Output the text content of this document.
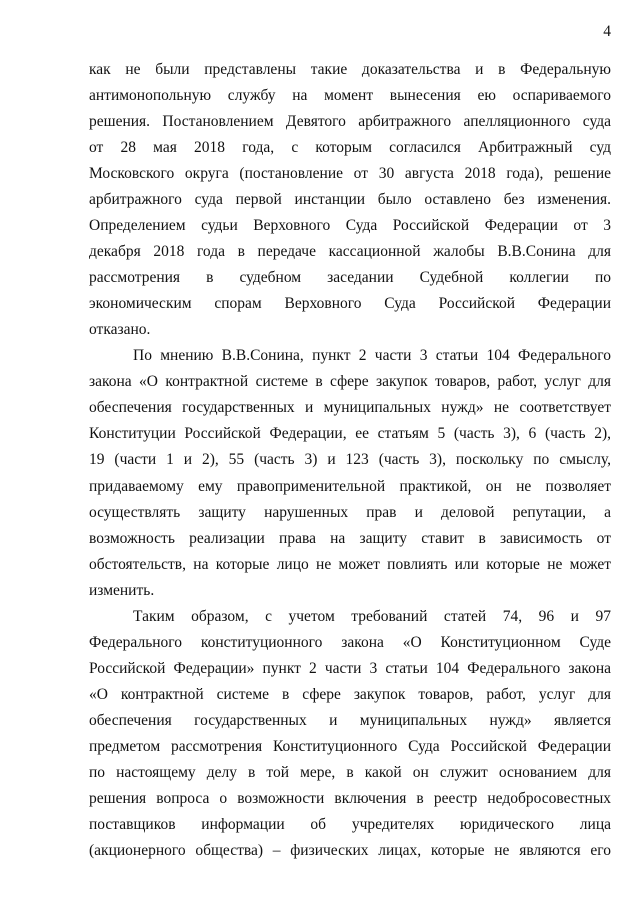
4
как не были представлены такие доказательства и в Федеральную
антимонопольную службу на момент вынесения ею оспариваемого
решения. Постановлением Девятого арбитражного апелляционного суда
от 28 мая 2018 года, с которым согласился Арбитражный суд
Московского округа (постановление от 30 августа 2018 года), решение
арбитражного суда первой инстанции было оставлено без изменения.
Определением судьи Верховного Суда Российской Федерации от 3
декабря 2018 года в передаче кассационной жалобы В.В.Сонина для
рассмотрения в судебном заседании Судебной коллегии по
экономическим спорам Верховного Суда Российской Федерации
отказано.
По мнению В.В.Сонина, пункт 2 части 3 статьи 104 Федерального
закона «О контрактной системе в сфере закупок товаров, работ, услуг для
обеспечения государственных и муниципальных нужд» не соответствует
Конституции Российской Федерации, ее статьям 5 (часть 3), 6 (часть 2),
19 (части 1 и 2), 55 (часть 3) и 123 (часть 3), поскольку по смыслу,
придаваемому ему правоприменительной практикой, он не позволяет
осуществлять защиту нарушенных прав и деловой репутации, а
возможность реализации права на защиту ставит в зависимость от
обстоятельств, на которые лицо не может повлиять или которые не может
изменить.
Таким образом, с учетом требований статей 74, 96 и 97
Федерального конституционного закона «О Конституционном Суде
Российской Федерации» пункт 2 части 3 статьи 104 Федерального закона
«О контрактной системе в сфере закупок товаров, работ, услуг для
обеспечения государственных и муниципальных нужд» является
предметом рассмотрения Конституционного Суда Российской Федерации
по настоящему делу в той мере, в какой он служит основанием для
решения вопроса о возможности включения в реестр недобросовестных
поставщиков информации об учредителях юридического лица
(акционерного общества) – физических лицах, которые не являются его
